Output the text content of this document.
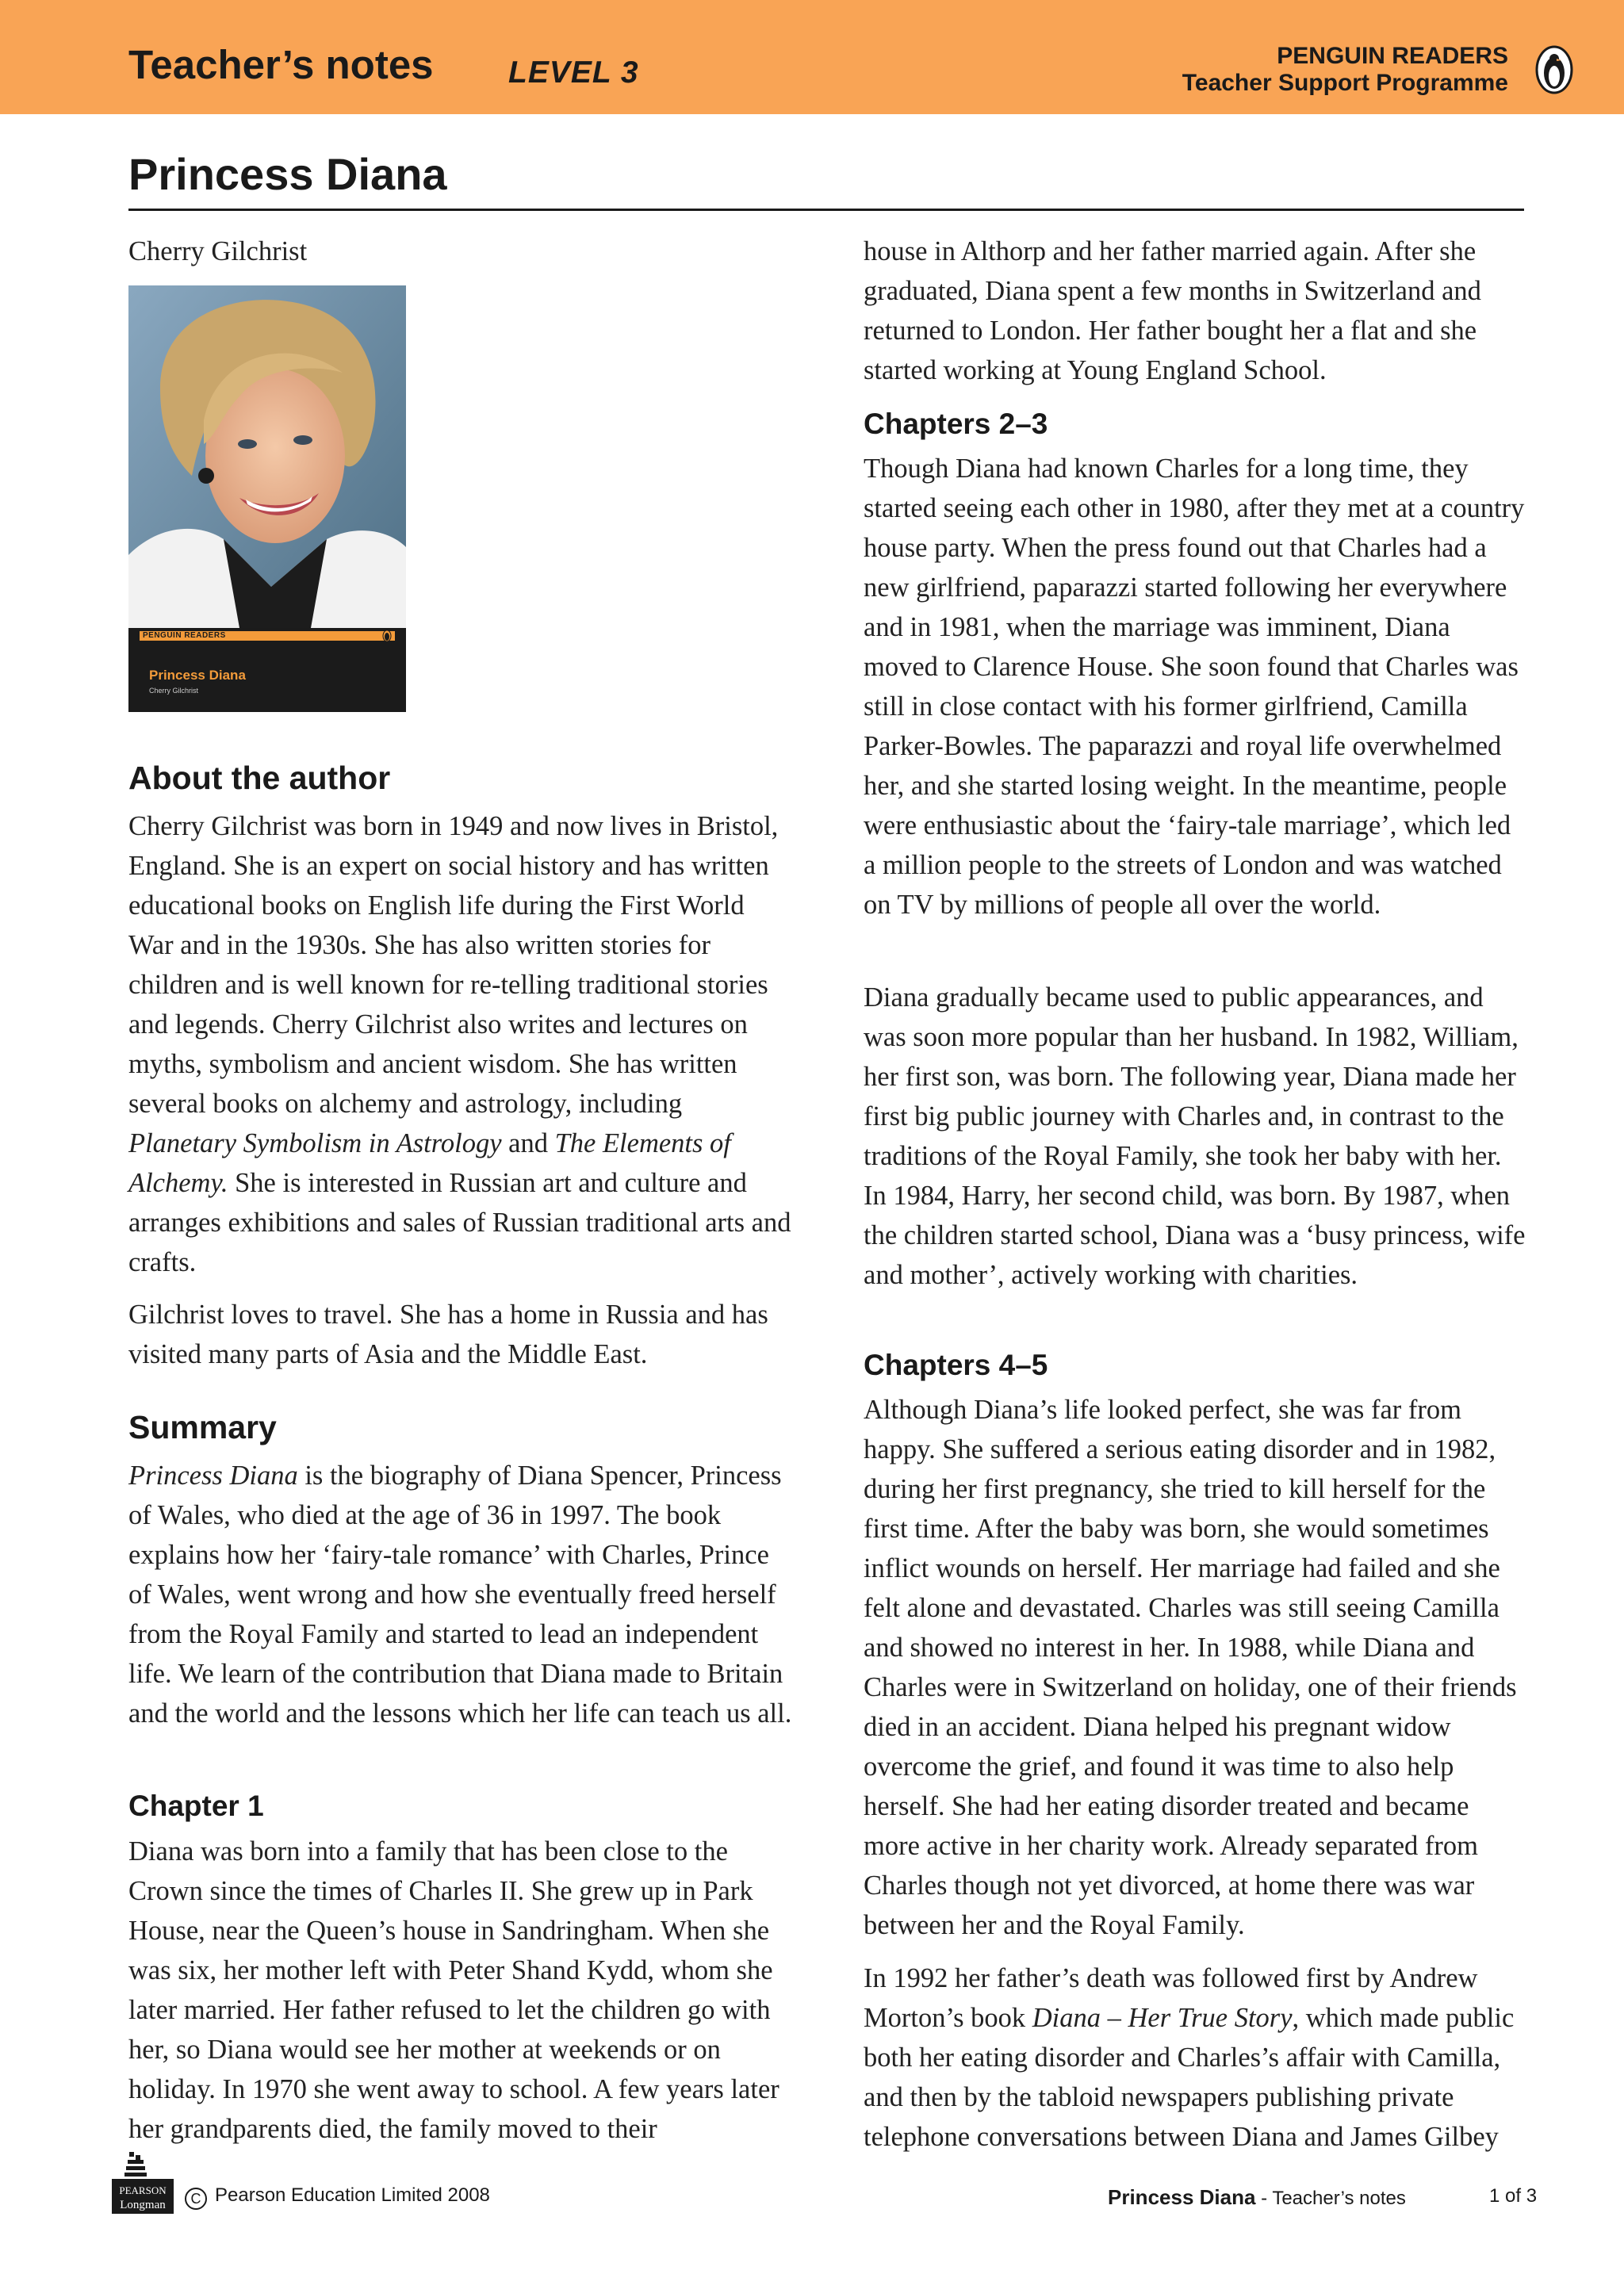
Teacher’s notes LEVEL 3	PENGUIN READERS
Teacher Support Programme
Princess Diana
Cherry Gilchrist
PENGUIN READERS
Princess Diana
Cherry Gilchrist
About the author

Cherry Gilchrist was born in 1949 and now lives in Bristol, England. She is an expert on social history and has written educational books on English life during the First World War and in the 1930s. She has also written stories for children and is well known for re-telling traditional stories and legends. Cherry Gilchrist also writes and lectures on myths, symbolism and ancient wisdom. She has written several books on alchemy and astrology, including Planetary Symbolism in Astrology and The Elements of Alchemy. She is interested in Russian art and culture and arranges exhibitions and sales of Russian traditional arts and crafts.

Gilchrist loves to travel. She has a home in Russia and has visited many parts of Asia and the Middle East.
Summary
Princess Diana is the biography of Diana Spencer, Princess of Wales, who died at the age of 36 in 1997. The book explains how her ‘fairy-tale romance’ with Charles, Prince of Wales, went wrong and how she eventually freed herself from the Royal Family and started to lead an independent life. We learn of the contribution that Diana made to Britain and the world and the lessons which her life can teach us all.
Chapter 1
Diana was born into a family that has been close to the Crown since the times of Charles II. She grew up in Park House, near the Queen’s house in Sandringham. When she was six, her mother left with Peter Shand Kydd, whom she later married. Her father refused to let the children go with her, so Diana would see her mother at weekends or on holiday. In 1970 she went away to school. A few years later her grandparents died, the family moved to their
house in Althorp and her father married again. After she graduated, Diana spent a few months in Switzerland and returned to London. Her father bought her a flat and she started working at Young England School.
Chapters 2–3
Though Diana had known Charles for a long time, they started seeing each other in 1980, after they met at a country house party. When the press found out that Charles had a new girlfriend, paparazzi started following her everywhere and in 1981, when the marriage was imminent, Diana moved to Clarence House. She soon found that Charles was still in close contact with his former girlfriend, Camilla Parker-Bowles. The paparazzi and royal life overwhelmed her, and she started losing weight. In the meantime, people were enthusiastic about the ‘fairy-tale marriage’, which led a million people to the streets of London and was watched on TV by millions of people all over the world.
Diana gradually became used to public appearances, and was soon more popular than her husband. In 1982, William, her first son, was born. The following year, Diana made her first big public journey with Charles and, in contrast to the traditions of the Royal Family, she took her baby with her. In 1984, Harry, her second child, was born. By 1987, when the children started school, Diana was a ‘busy princess, wife and mother’, actively working with charities.
Chapters 4–5
Although Diana’s life looked perfect, she was far from happy. She suffered a serious eating disorder and in 1982, during her first pregnancy, she tried to kill herself for the first time. After the baby was born, she would sometimes inflict wounds on herself. Her marriage had failed and she felt alone and devastated. Charles was still seeing Camilla and showed no interest in her. In 1988, while Diana and Charles were in Switzerland on holiday, one of their friends died in an accident. Diana helped his pregnant widow overcome the grief, and found it was time to also help herself. She had her eating disorder treated and became more active in her charity work. Already separated from Charles though not yet divorced, at home there was war between her and the Royal Family.
In 1992 her father’s death was followed first by Andrew Morton’s book Diana – Her True Story, which made public both her eating disorder and Charles’s affair with Camilla, and then by the tabloid newspapers publishing private telephone conversations between Diana and James Gilbey
PEARSON
Longman	C Pearson Education Limited 2008	Princess Diana - Teacher’s notes	1 of 3
